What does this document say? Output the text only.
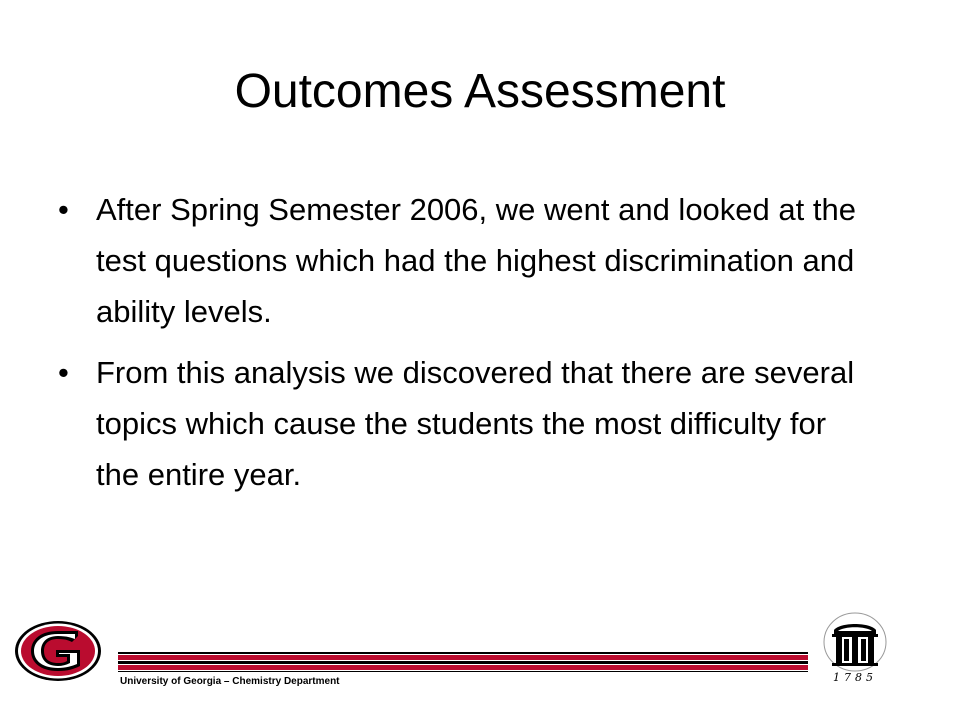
Outcomes Assessment
• After Spring Semester 2006, we went and looked at the test questions which had the highest discrimination and ability levels.
• From this analysis we discovered that there are several topics which cause the students the most difficulty for the entire year.
University of Georgia – Chemistry Department	1785
